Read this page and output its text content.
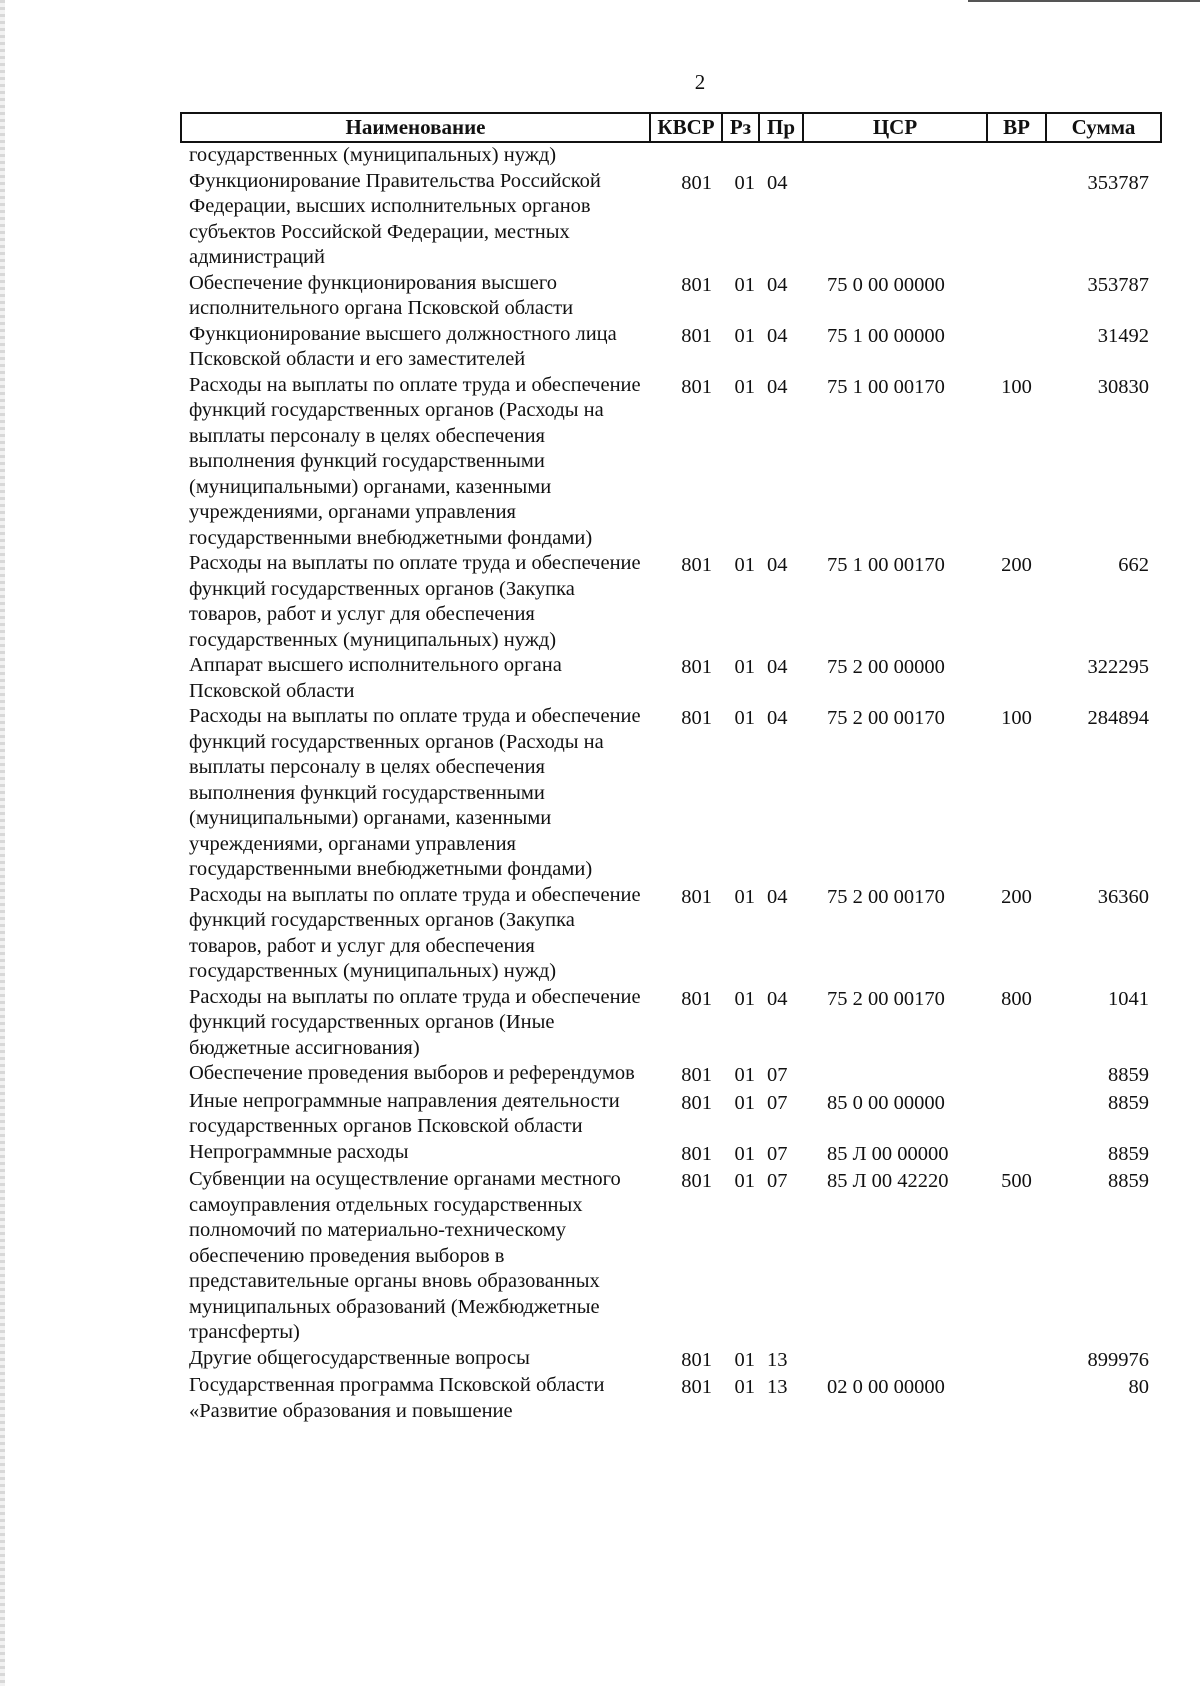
2
Наименование	КВСР	Рз	Пр	ЦСР	ВР	Сумма
государственных (муниципальных) нужд)						
Функционирование Правительства Российской Федерации, высших исполнительных органов субъектов Российской Федерации, местных администраций	801	01	04			353787
Обеспечение функционирования высшего исполнительного органа Псковской области	801	01	04	75 0 00 00000		353787
Функционирование высшего должностного лица Псковской области и его заместителей	801	01	04	75 1 00 00000		31492
Расходы на выплаты по оплате труда и обеспечение функций государственных органов (Расходы на выплаты персоналу в целях обеспечения выполнения функций государственными (муниципальными) органами, казенными учреждениями, органами управления государственными внебюджетными фондами)	801	01	04	75 1 00 00170	100	30830
Расходы на выплаты по оплате труда и обеспечение функций государственных органов (Закупка товаров, работ и услуг для обеспечения государственных (муниципальных) нужд)	801	01	04	75 1 00 00170	200	662
Аппарат высшего исполнительного органа Псковской области	801	01	04	75 2 00 00000		322295
Расходы на выплаты по оплате труда и обеспечение функций государственных органов (Расходы на выплаты персоналу в целях обеспечения выполнения функций государственными (муниципальными) органами, казенными учреждениями, органами управления государственными внебюджетными фондами)	801	01	04	75 2 00 00170	100	284894
Расходы на выплаты по оплате труда и обеспечение функций государственных органов (Закупка товаров, работ и услуг для обеспечения государственных (муниципальных) нужд)	801	01	04	75 2 00 00170	200	36360
Расходы на выплаты по оплате труда и обеспечение функций государственных органов (Иные бюджетные ассигнования)	801	01	04	75 2 00 00170	800	1041
Обеспечение проведения выборов и референдумов	801	01	07			8859
Иные непрограммные направления деятельности государственных органов Псковской области	801	01	07	85 0 00 00000		8859
Непрограммные расходы	801	01	07	85 Л 00 00000		8859
Субвенции на осуществление органами местного самоуправления отдельных государственных полномочий по материально-техническому обеспечению проведения выборов в представительные органы вновь образованных муниципальных образований (Межбюджетные трансферты)	801	01	07	85 Л 00 42220	500	8859
Другие общегосударственные вопросы	801	01	13			899976
Государственная программа Псковской области «Развитие образования и повышение	801	01	13	02 0 00 00000		80
